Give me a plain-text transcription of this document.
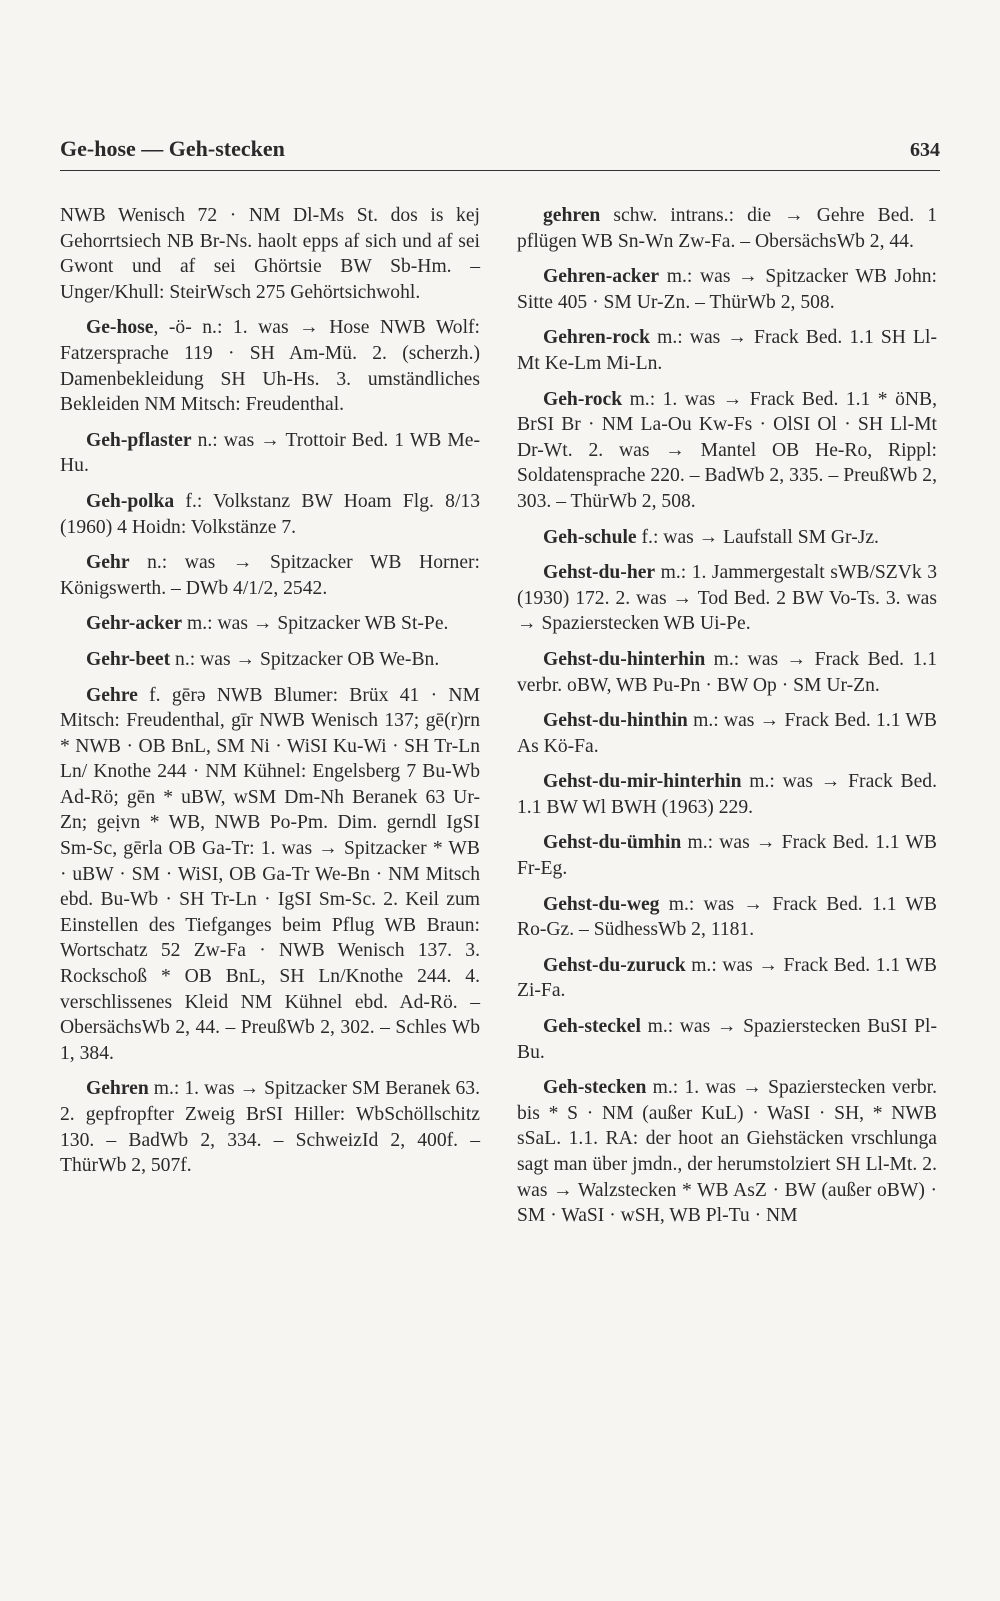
Ge-hose — Geh-stecken	634

NWB Wenisch 72 · NM Dl-Ms St. dos is kej Gehorrtsiech NB Br-Ns. haolt epps af sich und af sei Gwont und af sei Ghörtsie BW Sb-Hm. – Unger/Khull: SteirWsch 275 Gehörtsichwohl.

Ge-hose, -ö- n.: 1. was → Hose NWB Wolf: Fatzersprache 119 · SH Am-Mü. 2. (scherzh.) Damenbekleidung SH Uh-Hs. 3. umständliches Bekleiden NM Mitsch: Freudenthal.

Geh-pflaster n.: was → Trottoir Bed. 1 WB Me-Hu.

Geh-polka f.: Volkstanz BW Hoam Flg. 8/13 (1960) 4 Hoidn: Volkstänze 7.

Gehr n.: was → Spitzacker WB Horner: Königswerth. – DWb 4/1/2, 2542.

Gehr-acker m.: was → Spitzacker WB St-Pe.

Gehr-beet n.: was → Spitzacker OB We-Bn.

Gehre f. gērə NWB Blumer: Brüx 41 · NM Mitsch: Freudenthal, gīr NWB Wenisch 137; gē(r)rn * NWB · OB BnL, SM Ni · WiSI Ku-Wi · SH Tr-Ln Ln/ Knothe 244 · NM Kühnel: Engelsberg 7 Bu-Wb Ad-Rö; gēn * uBW, wSM Dm-Nh Beranek 63 Ur-Zn; geịvn * WB, NWB Po-Pm. Dim. gerndl IgSI Sm-Sc, gērla OB Ga-Tr: 1. was → Spitzacker * WB · uBW · SM · WiSI, OB Ga-Tr We-Bn · NM Mitsch ebd. Bu-Wb · SH Tr-Ln · IgSI Sm-Sc. 2. Keil zum Einstellen des Tiefganges beim Pflug WB Braun: Wortschatz 52 Zw-Fa · NWB Wenisch 137. 3. Rockschoß * OB BnL, SH Ln/Knothe 244. 4. verschlissenes Kleid NM Kühnel ebd. Ad-Rö. – ObersächsWb 2, 44. – PreußWb 2, 302. – Schles Wb 1, 384.

Gehren m.: 1. was → Spitzacker SM Beranek 63. 2. gepfropfter Zweig BrSI Hiller: WbSchöllschitz 130. – BadWb 2, 334. – SchweizId 2, 400f. – ThürWb 2, 507f.

gehren schw. intrans.: die → Gehre Bed. 1 pflügen WB Sn-Wn Zw-Fa. – ObersächsWb 2, 44.

Gehren-acker m.: was → Spitzacker WB John: Sitte 405 · SM Ur-Zn. – ThürWb 2, 508.

Gehren-rock m.: was → Frack Bed. 1.1 SH Ll-Mt Ke-Lm Mi-Ln.

Geh-rock m.: 1. was → Frack Bed. 1.1 * öNB, BrSI Br · NM La-Ou Kw-Fs · OlSI Ol · SH Ll-Mt Dr-Wt. 2. was → Mantel OB He-Ro, Rippl: Soldatensprache 220. – BadWb 2, 335. – PreußWb 2, 303. – ThürWb 2, 508.

Geh-schule f.: was → Laufstall SM Gr-Jz.

Gehst-du-her m.: 1. Jammergestalt sWB/SZVk 3 (1930) 172. 2. was → Tod Bed. 2 BW Vo-Ts. 3. was → Spazierstecken WB Ui-Pe.

Gehst-du-hinterhin m.: was → Frack Bed. 1.1 verbr. oBW, WB Pu-Pn · BW Op · SM Ur-Zn.

Gehst-du-hinthin m.: was → Frack Bed. 1.1 WB As Kö-Fa.

Gehst-du-mir-hinterhin m.: was → Frack Bed. 1.1 BW Wl BWH (1963) 229.

Gehst-du-ümhin m.: was → Frack Bed. 1.1 WB Fr-Eg.

Gehst-du-weg m.: was → Frack Bed. 1.1 WB Ro-Gz. – SüdhessWb 2, 1181.

Gehst-du-zuruck m.: was → Frack Bed. 1.1 WB Zi-Fa.

Geh-steckel m.: was → Spazierstecken BuSI Pl-Bu.

Geh-stecken m.: 1. was → Spazierstecken verbr. bis * S · NM (außer KuL) · WaSI · SH, * NWB sSaL. 1.1. RA: der hoot an Giehstäcken vrschlunga sagt man über jmdn., der herumstolziert SH Ll-Mt. 2. was → Walzstecken * WB AsZ · BW (außer oBW) · SM · WaSI · wSH, WB Pl-Tu · NM
